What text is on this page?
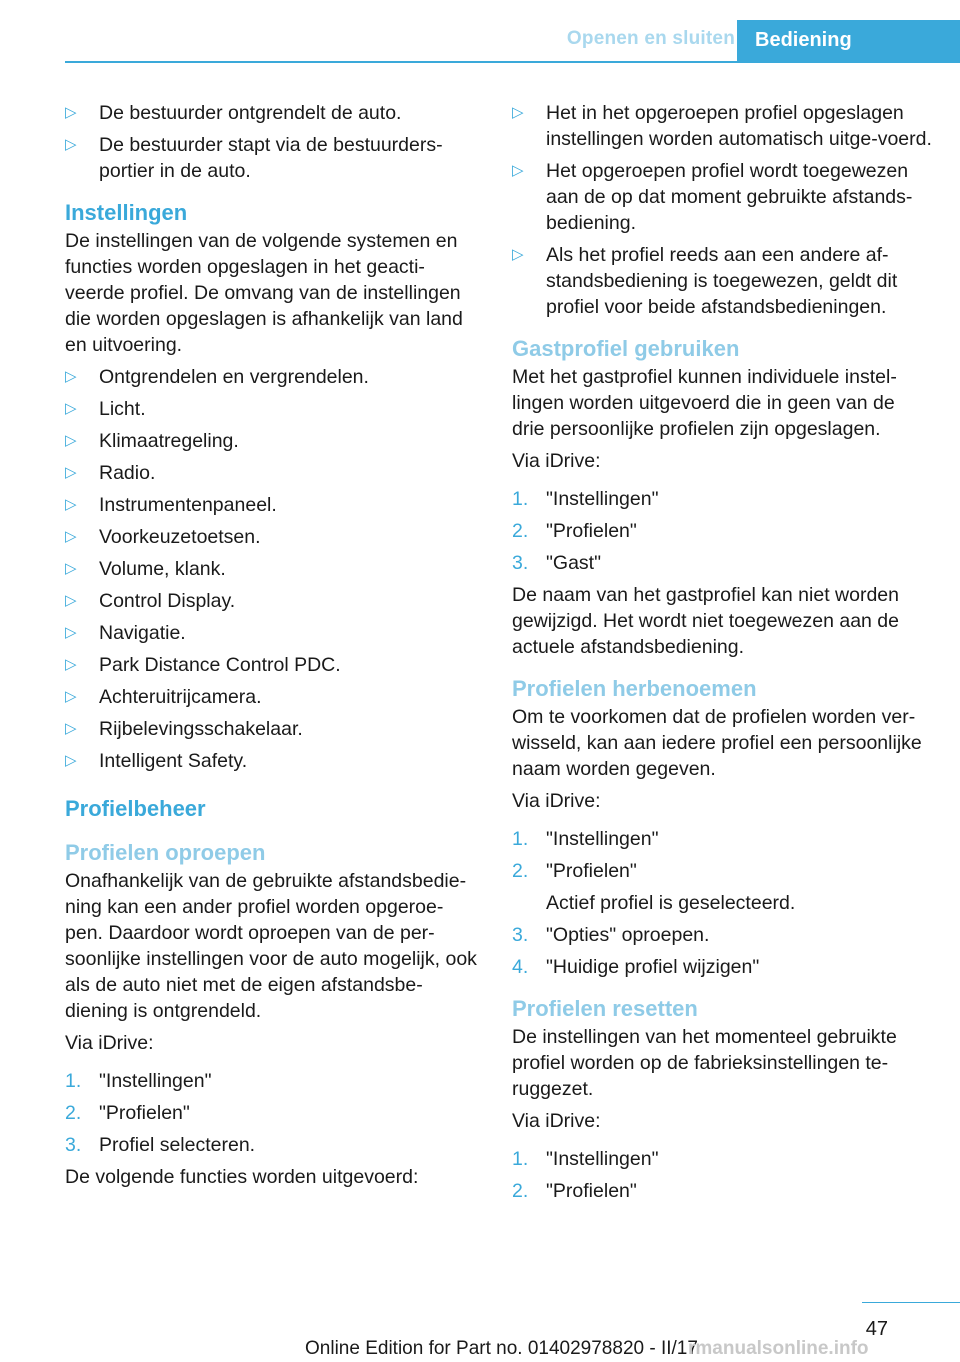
Openen en sluiten Bediening
▷ De bestuurder ontgrendelt de auto.
▷ De bestuurder stapt via de bestuurders-portier in de auto.
Instellingen

De instellingen van de volgende systemen en functies worden opgeslagen in het geacti-veerde profiel. De omvang van de instellingen die worden opgeslagen is afhankelijk van land en uitvoering.

▷ Ontgrendelen en vergrendelen.
▷ Licht.
▷ Klimaatregeling.
▷ Radio.
▷ Instrumentenpaneel.
▷ Voorkeuzetoetsen.
▷ Volume, klank.
▷ Control Display.
▷ Navigatie.
▷ Park Distance Control PDC.
▷ Achteruitrijcamera.
▷ Rijbelevingsschakelaar.
▷ Intelligent Safety.
Profielbeheer
Profielen oproepen

Onafhankelijk van de gebruikte afstandsbedie-ning kan een ander profiel worden opgeroe-pen. Daardoor wordt oproepen van de per-soonlijke instellingen voor de auto mogelijk, ook als de auto niet met de eigen afstandsbe-diening is ontgrendeld.

Via iDrive:

1. "Instellingen"
2. "Profielen"
3. Profiel selecteren.

De volgende functies worden uitgevoerd:

▷ Het in het opgeroepen profiel opgeslagen instellingen worden automatisch uitge-voerd.
▷ Het opgeroepen profiel wordt toegewezen aan de op dat moment gebruikte afstands-bediening.
▷ Als het profiel reeds aan een andere af-standsbediening is toegewezen, geldt dit profiel voor beide afstandsbedieningen.
Gastprofiel gebruiken

Met het gastprofiel kunnen individuele instel-lingen worden uitgevoerd die in geen van de drie persoonlijke profielen zijn opgeslagen.

Via iDrive:

1. "Instellingen"
2. "Profielen"
3. "Gast"

De naam van het gastprofiel kan niet worden gewijzigd. Het wordt niet toegewezen aan de actuele afstandsbediening.

Profielen herbenoemen

Om te voorkomen dat de profielen worden ver-wisseld, kan aan iedere profiel een persoonlijke naam worden gegeven.

Via iDrive:

1. "Instellingen"
2. "Profielen"
Actief profiel is geselecteerd.
3. "Opties" oproepen.
4. "Huidige profiel wijzigen"
Profielen resetten

De instellingen van het momenteel gebruikte profiel worden op de fabrieksinstellingen te-ruggezet.

Via iDrive:

1. "Instellingen"
2. "Profielen"
47
Online Edition for Part no. 01402978820 - II/17
rmanualsonline.info
